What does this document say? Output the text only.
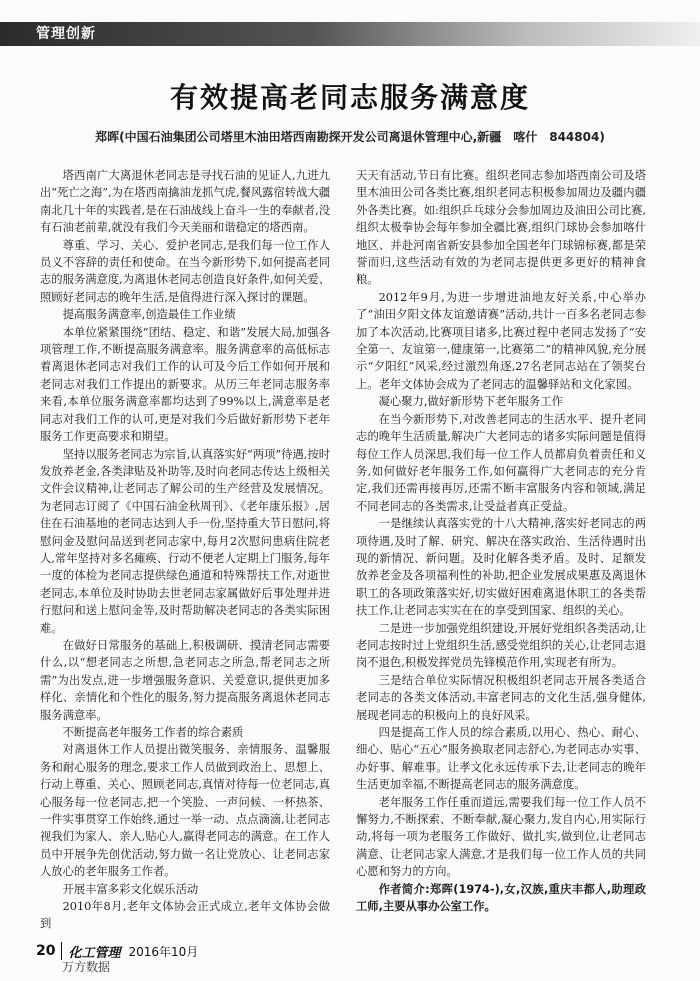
管理创新
有效提高老同志服务满意度
郑晖(中国石油集团公司塔里木油田塔西南勘探开发公司离退休管理中心,新疆　喀什　844804)

塔西南广大离退休老同志是寻找石油的见证人,九进九出“死亡之海”,为在塔西南擒油龙抓气虎,餐风露宿转战大疆南北几十年的实践者,是在石油战线上奋斗一生的奉献者,没有石油老前辈,就没有我们今天美丽和谐稳定的塔西南。

尊重、学习、关心、爱护老同志,是我们每一位工作人员义不容辞的责任和使命。在当今新形势下,如何提高老同志的服务满意度,为离退休老同志创造良好条件,如何关爱、照顾好老同志的晚年生活,是值得进行深入探讨的课题。

提高服务满意率,创造最佳工作业绩

本单位紧紧围绕“团结、稳定、和谐”发展大局,加强各项管理工作,不断提高服务满意率。服务满意率的高低标志着离退休老同志对我们工作的认可及今后工作如何开展和老同志对我们工作提出的新要求。从历三年老同志服务率来看,本单位服务满意率都均达到了99%以上,满意率是老同志对我们工作的认可,更是对我们今后做好新形势下老年服务工作更高要求和期望。

坚持以服务老同志为宗旨,认真落实好“两项”待遇,按时发放养老金,各类津贴及补助等,及时向老同志传达上级相关文件会议精神,让老同志了解公司的生产经营及发展情况。为老同志订阅了《中国石油金秋周刊》、《老年康乐报》,居住在石油基地的老同志达到人手一份,坚持重大节日慰问,将慰问金及慰问品送到老同志家中,每月2次慰问患病住院老人,常年坚持对多名瘫痪、行动不便老人定期上门服务,每年一度的体检为老同志提供绿色通道和特殊帮扶工作,对逝世老同志,本单位及时协助去世老同志家属做好后事处理并进行慰问和送上慰问金等,及时帮助解决老同志的各类实际困难。

在做好日常服务的基础上,积极调研、摸清老同志需要什么,以“想老同志之所想,急老同志之所急,帮老同志之所需”为出发点,进一步增强服务意识、关爱意识,提供更加多样化、亲情化和个性化的服务,努力提高服务离退休老同志服务满意率。

不断提高老年服务工作者的综合素质

对离退休工作人员提出微笑服务、亲情服务、温馨服务和耐心服务的理念,要求工作人员做到政治上、思想上、行动上尊重、关心、照顾老同志,真情对待每一位老同志,真心服务每一位老同志,把一个笑脸、一声问候、一杯热茶、一件实事贯穿工作始终,通过一举一动、点点滴滴,让老同志视我们为家人、亲人,贴心人,赢得老同志的满意。在工作人员中开展争先创优活动,努力做一名让党放心、让老同志家人放心的老年服务工作者。

开展丰富多彩文化娱乐活动

2010年8月,老年文体协会正式成立,老年文体协会做到

天天有活动,节日有比赛。组织老同志参加塔西南公司及塔里木油田公司各类比赛,组织老同志积极参加周边及疆内疆外各类比赛。如:组织乒乓球分会参加周边及油田公司比赛,组织太极拳协会每年参加全疆比赛,组织门球协会参加喀什地区、并赴河南省新安县参加全国老年门球锦标赛,都是荣誉而归,这些活动有效的为老同志提供更多更好的精神食粮。

2012年9月,为进一步增进油地友好关系,中心举办了“油田夕阳文体友谊邀请赛”活动,共计一百多名老同志参加了本次活动,比赛项目诸多,比赛过程中老同志发扬了“安全第一、友谊第一,健康第一,比赛第二”的精神风貌,充分展示“夕阳红”风采,经过激烈角逐,27名老同志站在了领奖台上。老年文体协会成为了老同志的温馨驿站和文化家园。

凝心聚力,做好新形势下老年服务工作

在当今新形势下,对改善老同志的生活水平、提升老同志的晚年生活质量,解决广大老同志的诸多实际问题是值得每位工作人员深思,我们每一位工作人员都肩负着责任和义务,如何做好老年服务工作,如何赢得广大老同志的充分肯定,我们还需再接再厉,还需不断丰富服务内容和领域,满足不同老同志的各类需求,让受益者真正受益。

一是继续认真落实党的十八大精神,落实好老同志的两项待遇,及时了解、研究、解决在落实政治、生活待遇时出现的新情况、新问题。及时化解各类矛盾。及时、足额发放养老金及各项福利性的补助,把企业发展成果惠及离退休职工的各项政策落实好,切实做好困难离退休职工的各类帮扶工作,让老同志实实在在的享受到国家、组织的关心。

二是进一步加强党组织建设,开展好党组织各类活动,让老同志按时过上党组织生活,感受党组织的关心,让老同志退岗不退色,积极发挥党员先锋模范作用,实现老有所为。

三是结合单位实际情况积极组织老同志开展各类适合老同志的各类文体活动,丰富老同志的文化生活,强身健体,展现老同志的积极向上的良好风采。

四是提高工作人员的综合素质,以用心、热心、耐心、细心、贴心“五心”服务换取老同志舒心,为老同志办实事、办好事、解难事。让孝文化永远传承下去,让老同志的晚年生活更加幸福,不断提高老同志的服务满意度。

老年服务工作任重而道远,需要我们每一位工作人员不懈努力,不断探索、不断奉献,凝心聚力,发自内心,用实际行动,将每一项为老服务工作做好、做扎实,做到位,让老同志满意、让老同志家人满意,才是我们每一位工作人员的共同心愿和努力的方向。

作者简介:郑晖(1974-),女,汉族,重庆丰都人,助理政工师,主要从事办公室工作。

20 化工管理 2016年10月
万方数据
